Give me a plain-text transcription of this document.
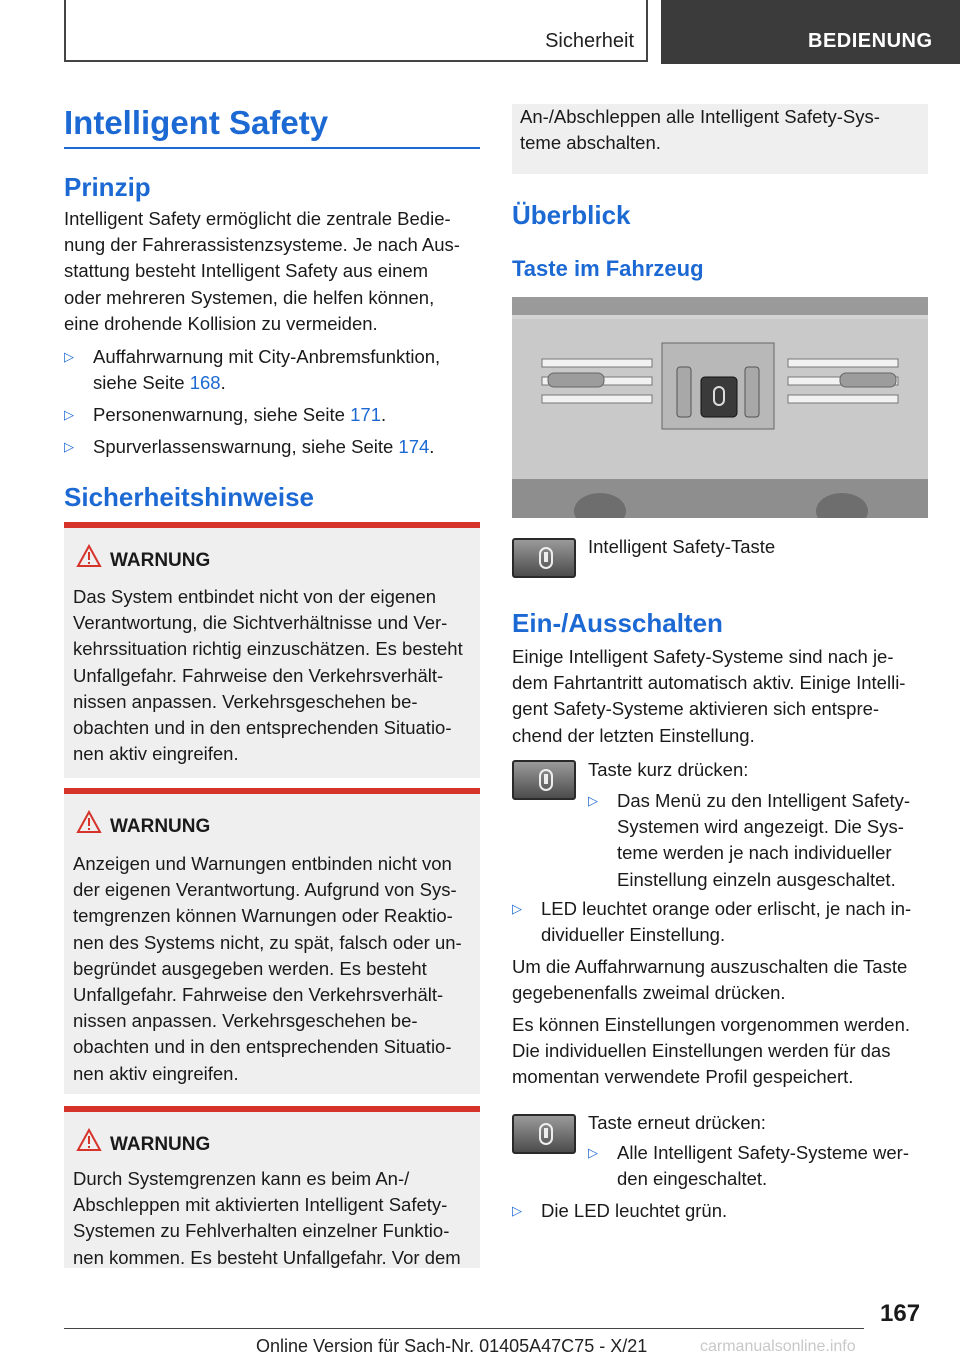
Sicherheit	BEDIENUNG
Intelligent Safety
Prinzip
Intelligent Safety ermöglicht die zentrale Bedie-
nung der Fahrerassistenzsysteme. Je nach Aus-
stattung besteht Intelligent Safety aus einem
oder mehreren Systemen, die helfen können,
eine drohende Kollision zu vermeiden.
▷ Auffahrwarnung mit City-Anbremsfunktion,
siehe Seite 168.
▷ Personenwarnung, siehe Seite 171.
▷ Spurverlassenswarnung, siehe Seite 174.
Sicherheitshinweise
WARNUNG
Das System entbindet nicht von der eigenen
Verantwortung, die Sichtverhältnisse und Ver-
kehrssituation richtig einzuschätzen. Es besteht
Unfallgefahr. Fahrweise den Verkehrsverhält-
nissen anpassen. Verkehrsgeschehen be-
obachten und in den entsprechenden Situatio-
nen aktiv eingreifen.
WARNUNG
Anzeigen und Warnungen entbinden nicht von
der eigenen Verantwortung. Aufgrund von Sys-
temgrenzen können Warnungen oder Reaktio-
nen des Systems nicht, zu spät, falsch oder un-
begründet ausgegeben werden. Es besteht
Unfallgefahr. Fahrweise den Verkehrsverhält-
nissen anpassen. Verkehrsgeschehen be-
obachten und in den entsprechenden Situatio-
nen aktiv eingreifen.
WARNUNG
Durch Systemgrenzen kann es beim An-/
Abschleppen mit aktivierten Intelligent Safety-
Systemen zu Fehlverhalten einzelner Funktio-
nen kommen. Es besteht Unfallgefahr. Vor dem
An-/Abschleppen alle Intelligent Safety-Sys-
teme abschalten.
Überblick
Taste im Fahrzeug
Intelligent Safety-Taste
Ein-/Ausschalten
Einige Intelligent Safety-Systeme sind nach je-
dem Fahrtantritt automatisch aktiv. Einige Intelli-
gent Safety-Systeme aktivieren sich entspre-
chend der letzten Einstellung.
Taste kurz drücken:
▷ Das Menü zu den Intelligent Safety-
Systemen wird angezeigt. Die Sys-
teme werden je nach individueller
Einstellung einzeln ausgeschaltet.
▷ LED leuchtet orange oder erlischt, je nach in-
dividueller Einstellung.
Um die Auffahrwarnung auszuschalten die Taste
gegebenenfalls zweimal drücken.
Es können Einstellungen vorgenommen werden.
Die individuellen Einstellungen werden für das
momentan verwendete Profil gespeichert.
Taste erneut drücken:
▷ Alle Intelligent Safety-Systeme wer-
den eingeschaltet.
▷ Die LED leuchtet grün.
167
Online Version für Sach-Nr. 01405A47C75 - X/21	carmanualsonline.info
